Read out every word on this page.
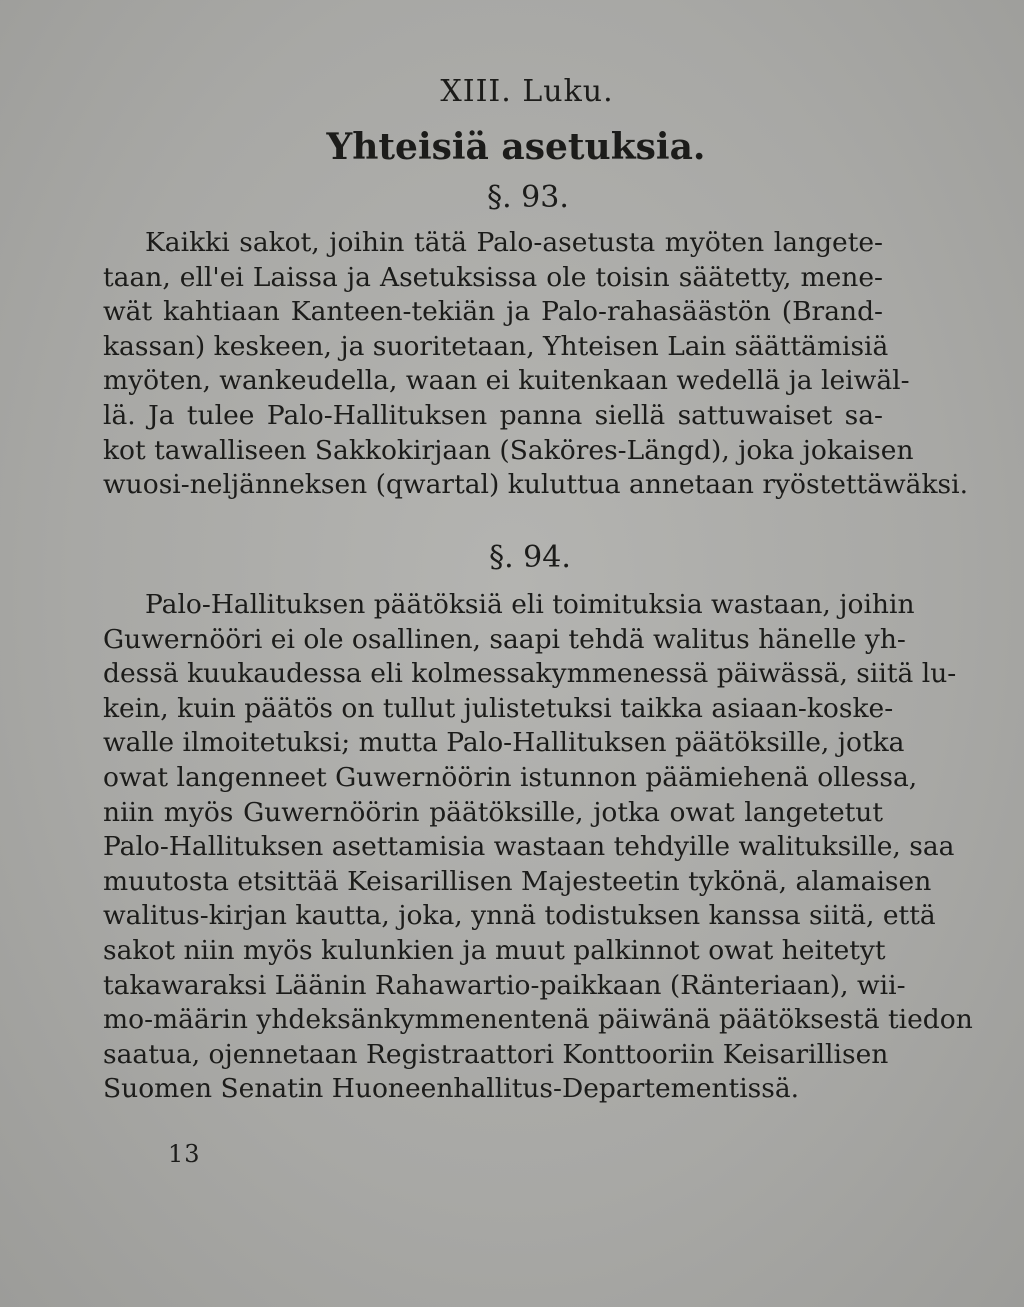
XIII. Luku.
Yhteisiä asetuksia.
§. 93.
Kaikki sakot, joihin tätä Palo-asetusta myöten langete-
taan, ell'ei Laissa ja Asetuksissa ole toisin säätetty, mene-
wät kahtiaan Kanteen-tekiän ja Palo-rahasäästön (Brand-
kassan) keskeen, ja suoritetaan, Yhteisen Lain säättämisiä
myöten, wankeudella, waan ei kuitenkaan wedellä ja leiwäl-
lä. Ja tulee Palo-Hallituksen panna siellä sattuwaiset sa-
kot tawalliseen Sakkokirjaan (Saköres-Längd), joka jokaisen
wuosi-neljänneksen (qwartal) kuluttua annetaan ryöstettäwäksi.
§. 94.
Palo-Hallituksen päätöksiä eli toimituksia wastaan, joihin
Guwernööri ei ole osallinen, saapi tehdä walitus hänelle yh-
dessä kuukaudessa eli kolmessakymmenessä päiwässä, siitä lu-
kein, kuin päätös on tullut julistetuksi taikka asiaan-koske-
walle ilmoitetuksi; mutta Palo-Hallituksen päätöksille, jotka
owat langenneet Guwernöörin istunnon päämiehenä ollessa,
niin myös Guwernöörin päätöksille, jotka owat langetetut
Palo-Hallituksen asettamisia wastaan tehdyille walituksille, saa
muutosta etsittää Keisarillisen Majesteetin tykönä, alamaisen
walitus-kirjan kautta, joka, ynnä todistuksen kanssa siitä, että
sakot niin myös kulunkien ja muut palkinnot owat heitetyt
takawaraksi Läänin Rahawartio-paikkaan (Ränteriaan), wii-
mo-määrin yhdeksänkymmenentenä päiwänä päätöksestä tiedon
saatua, ojennetaan Registraattori Konttooriin Keisarillisen
Suomen Senatin Huoneenhallitus-Departementissä.
13
